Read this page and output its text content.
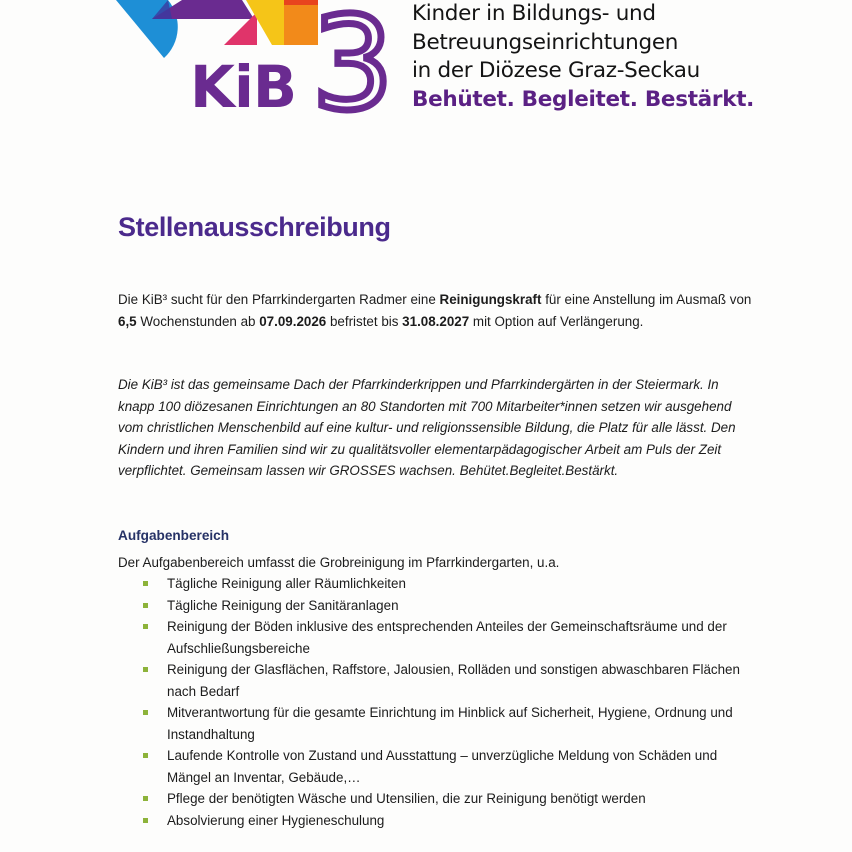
KiB 3 Kinder in Bildungs- und
Betreuungseinrichtungen
in der Diözese Graz-Seckau
Behütet. Begleitet. Bestärkt.
Stellenausschreibung
Die KiB³ sucht für den Pfarrkindergarten Radmer eine Reinigungskraft für eine Anstellung im Ausmaß von 6,5 Wochenstunden ab 07.09.2026 befristet bis 31.08.2027 mit Option auf Verlängerung.
Die KiB³ ist das gemeinsame Dach der Pfarrkinderkrippen und Pfarrkindergärten in der Steiermark. In knapp 100 diözesanen Einrichtungen an 80 Standorten mit 700 Mitarbeiter*innen setzen wir ausgehend vom christlichen Menschenbild auf eine kultur- und religionssensible Bildung, die Platz für alle lässt. Den Kindern und ihren Familien sind wir zu qualitätsvoller elementarpädagogischer Arbeit am Puls der Zeit verpflichtet. Gemeinsam lassen wir GROSSES wachsen. Behütet.Begleitet.Bestärkt.
Aufgabenbereich
Der Aufgabenbereich umfasst die Grobreinigung im Pfarrkindergarten, u.a.
Tägliche Reinigung aller Räumlichkeiten
Tägliche Reinigung der Sanitäranlagen
Reinigung der Böden inklusive des entsprechenden Anteiles der Gemeinschaftsräume und der Aufschließungsbereiche
Reinigung der Glasflächen, Raffstore, Jalousien, Rolläden und sonstigen abwaschbaren Flächen nach Bedarf
Mitverantwortung für die gesamte Einrichtung im Hinblick auf Sicherheit, Hygiene, Ordnung und Instandhaltung
Laufende Kontrolle von Zustand und Ausstattung – unverzügliche Meldung von Schäden und Mängel an Inventar, Gebäude,…
Pflege der benötigten Wäsche und Utensilien, die zur Reinigung benötigt werden
Absolvierung einer Hygieneschulung
